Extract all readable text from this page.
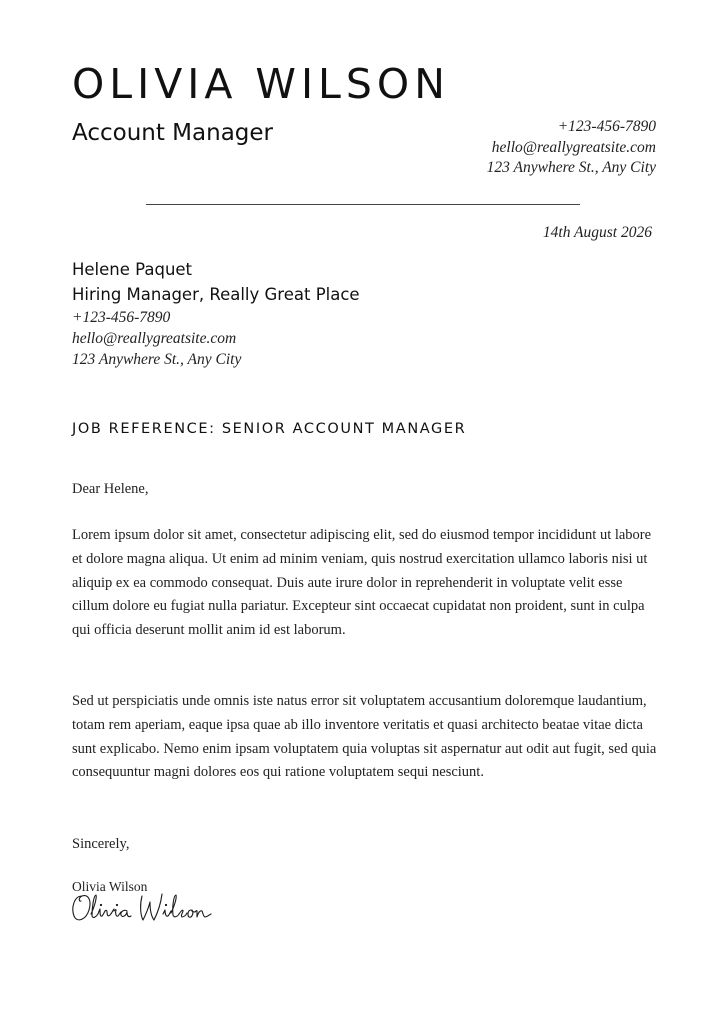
OLIVIA WILSON
Account Manager	+123-456-7890
hello@reallygreatsite.com
123 Anywhere St., Any City
14th August 2026
Helene Paquet
Hiring Manager, Really Great Place
+123-456-7890
hello@reallygreatsite.com
123 Anywhere St., Any City
JOB REFERENCE: SENIOR ACCOUNT MANAGER
Dear Helene,
Lorem ipsum dolor sit amet, consectetur adipiscing elit, sed do eiusmod tempor incididunt ut labore et dolore magna aliqua. Ut enim ad minim veniam, quis nostrud exercitation ullamco laboris nisi ut aliquip ex ea commodo consequat. Duis aute irure dolor in reprehenderit in voluptate velit esse cillum dolore eu fugiat nulla pariatur. Excepteur sint occaecat cupidatat non proident, sunt in culpa qui officia deserunt mollit anim id est laborum.
Sed ut perspiciatis unde omnis iste natus error sit voluptatem accusantium doloremque laudantium, totam rem aperiam, eaque ipsa quae ab illo inventore veritatis et quasi architecto beatae vitae dicta sunt explicabo. Nemo enim ipsam voluptatem quia voluptas sit aspernatur aut odit aut fugit, sed quia consequuntur magni dolores eos qui ratione voluptatem sequi nesciunt.
Sincerely,
Olivia Wilson
